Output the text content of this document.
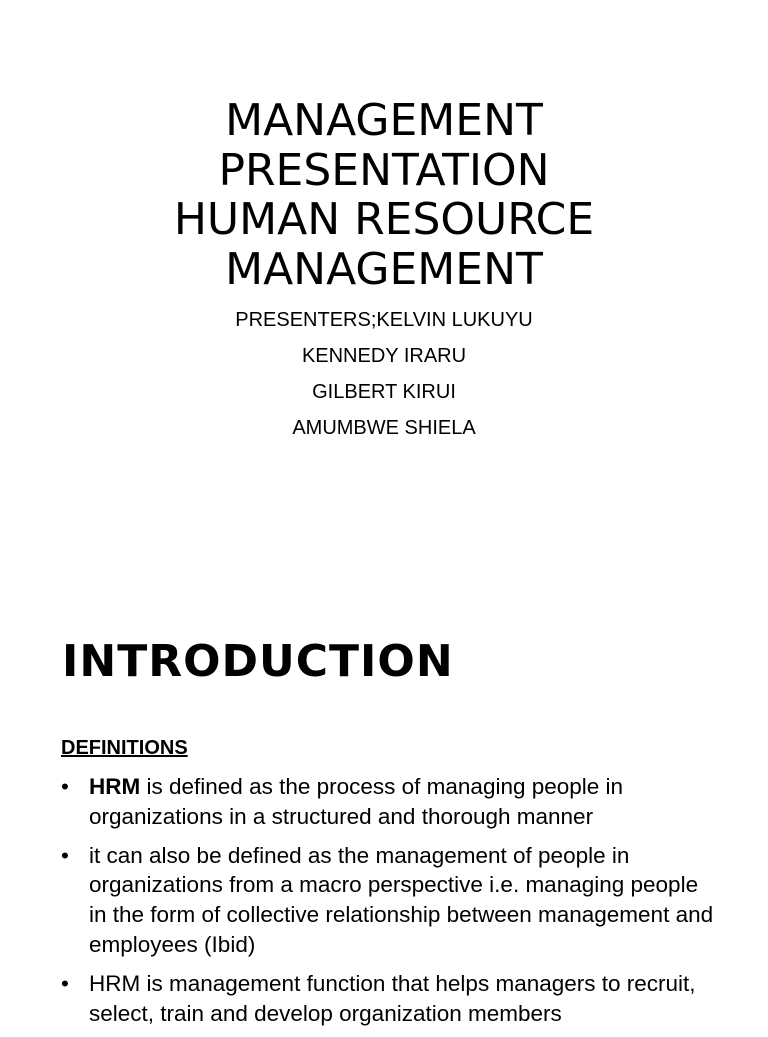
MANAGEMENT
PRESENTATION
HUMAN RESOURCE
MANAGEMENT
PRESENTERS;KELVIN LUKUYU
KENNEDY IRARU
GILBERT KIRUI
AMUMBWE SHIELA
INTRODUCTION

DEFINITIONS

• HRM is defined as the process of managing people in organizations in a structured and thorough manner
• it can also be defined as the management of people in organizations from a macro perspective i.e. managing people in the form of collective relationship between management and employees (Ibid)
• HRM is management function that helps managers to recruit, select, train and develop organization members
